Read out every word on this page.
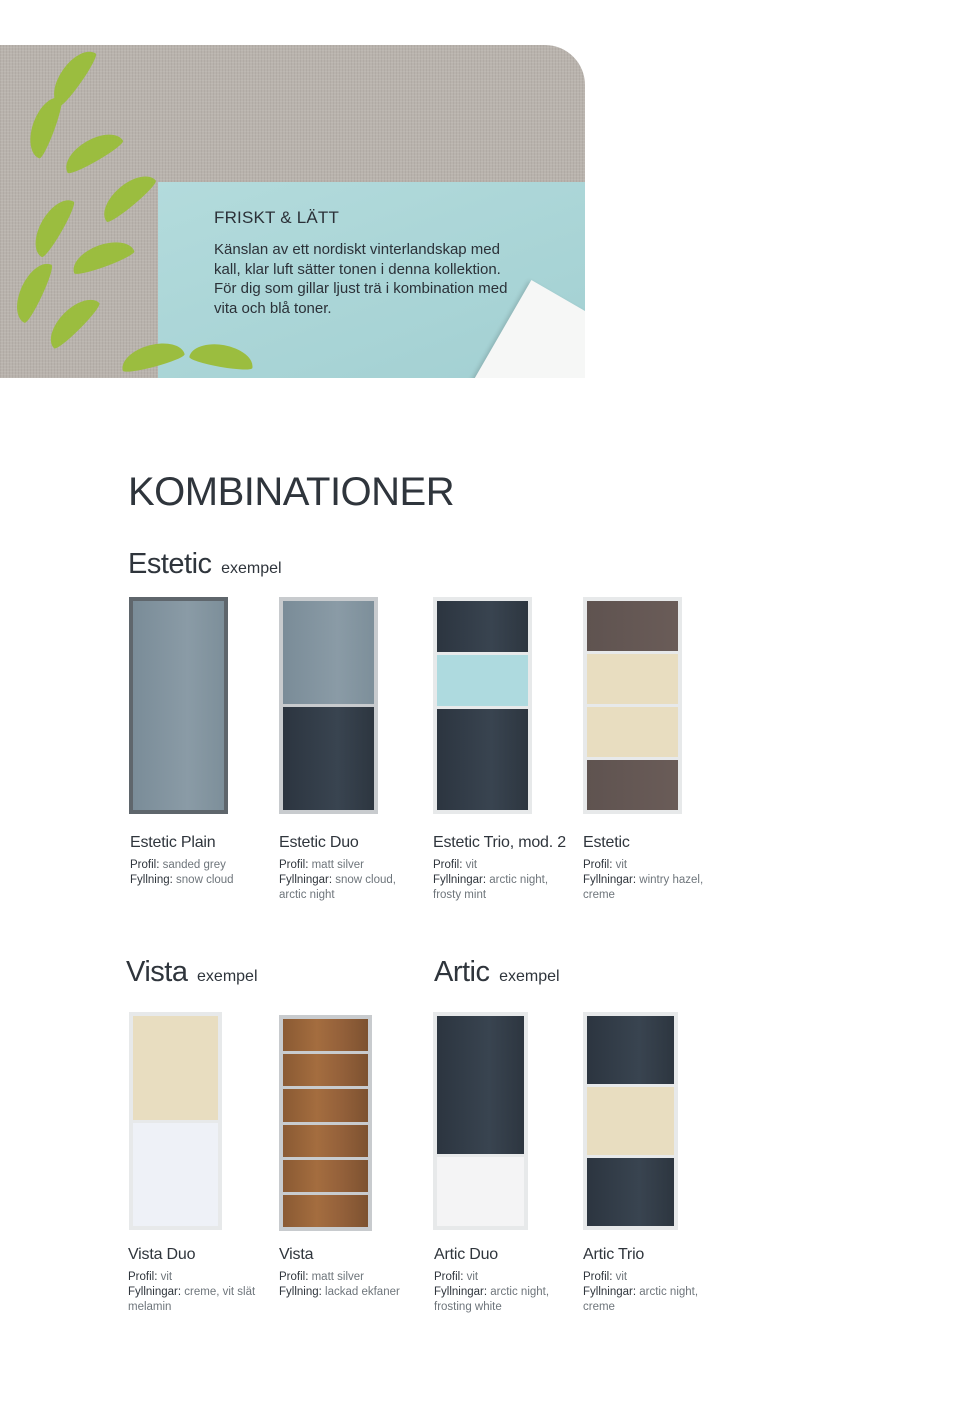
FRISKT & LÄTT
Känslan av ett nordiskt vinterlandskap med kall, klar luft sätter tonen i denna kollektion. För dig som gillar ljust trä i kombination med vita och blå toner.
KOMBINATIONER
Estetic exempel
Vista exempel	Artic exempel
Estetic Plain
Profil: sanded grey
Fyllning: snow cloud
Estetic Duo
Profil: matt silver
Fyllningar: snow cloud,
arctic night
Estetic Trio, mod. 2
Profil: vit
Fyllningar: arctic night,
frosty mint
Estetic
Profil: vit
Fyllningar: wintry hazel,
creme
Vista Duo
Profil: vit
Fyllningar: creme, vit slät
melamin
Vista
Profil: matt silver
Fyllning: lackad ekfaner
Artic Duo
Profil: vit
Fyllningar: arctic night,
frosting white
Artic Trio
Profil: vit
Fyllningar: arctic night,
creme
